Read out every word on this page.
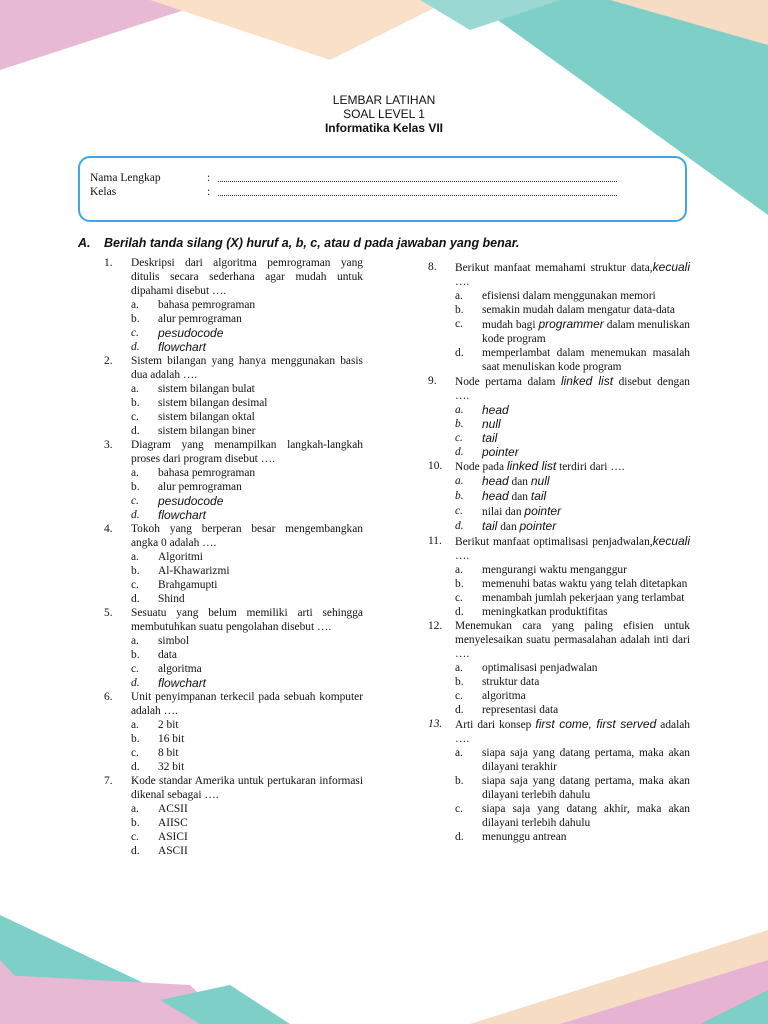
LEMBAR LATIHAN
SOAL LEVEL 1
Informatika Kelas VII
Nama Lengkap	:
Kelas	:
A. Berilah tanda silang (X) huruf a, b, c, atau d pada jawaban yang benar.
1. Deskripsi dari algoritma pemrograman yang ditulis secara sederhana agar mudah untuk dipahami disebut ….
a. bahasa pemrograman
b. alur pemrograman
c. pesudocode
d. flowchart
2. Sistem bilangan yang hanya menggunakan basis dua adalah ….
a. sistem bilangan bulat
b. sistem bilangan desimal
c. sistem bilangan oktal
d. sistem bilangan biner
3. Diagram yang menampilkan langkah-langkah proses dari program disebut ….
a. bahasa pemrograman
b. alur pemrograman
c. pesudocode
d. flowchart
4. Tokoh yang berperan besar mengembangkan angka 0 adalah ….
a. Algoritmi
b. Al-Khawarizmi
c. Brahgamupti
d. Shind
5. Sesuatu yang belum memiliki arti sehingga membutuhkan suatu pengolahan disebut ….
a. simbol
b. data
c. algoritma
d. flowchart
6. Unit penyimpanan terkecil pada sebuah komputer adalah ….
a. 2 bit
b. 16 bit
c. 8 bit
d. 32 bit
7. Kode standar Amerika untuk pertukaran informasi dikenal sebagai ….
a. ACSII
b. AIISC
c. ASICI
d. ASCII
8. Berikut manfaat memahami struktur data,kecuali ….
a. efisiensi dalam menggunakan memori
b. semakin mudah dalam mengatur data-data
c. mudah bagi programmer dalam menuliskan kode program
d. memperlambat dalam menemukan masalah saat menuliskan kode program
9. Node pertama dalam linked list disebut dengan ….
a. head
b. null
c. tail
d. pointer
10. Node pada linked list terdiri dari ….
a. head dan null
b. head dan tail
c. nilai dan pointer
d. tail dan pointer
11. Berikut manfaat optimalisasi penjadwalan,kecuali ….
a. mengurangi waktu menganggur
b. memenuhi batas waktu yang telah ditetapkan
c. menambah jumlah pekerjaan yang terlambat
d. meningkatkan produktifitas
12. Menemukan cara yang paling efisien untuk menyelesaikan suatu permasalahan adalah inti dari ….
a. optimalisasi penjadwalan
b. struktur data
c. algoritma
d. representasi data
13. Arti dari konsep first come, first served adalah ….
a. siapa saja yang datang pertama, maka akan dilayani terakhir
b. siapa saja yang datang pertama, maka akan dilayani terlebih dahulu
c. siapa saja yang datang akhir, maka akan dilayani terlebih dahulu
d. menunggu antrean
